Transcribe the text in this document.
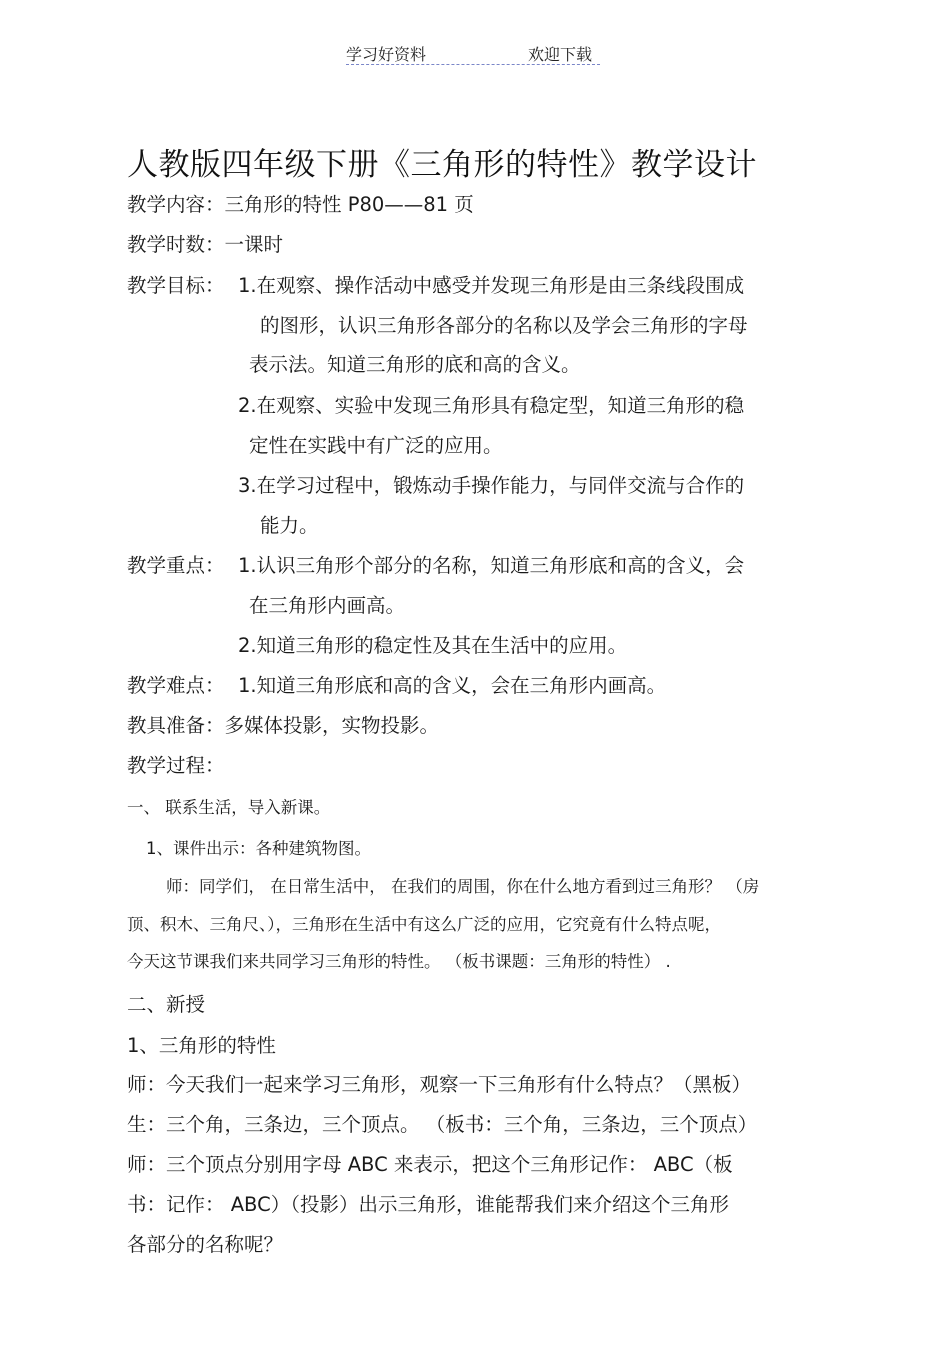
学习好资料	欢迎下载
人教版四年级下册《三角形的特性》教学设计
教学内容：三角形的特性 P80——81 页
教学时数：一课时
教学目标： 1.在观察、操作活动中感受并发现三角形是由三条线段围成
的图形，认识三角形各部分的名称以及学会三角形的字母
表示法。知道三角形的底和高的含义。
2.在观察、实验中发现三角形具有稳定型，知道三角形的稳
定性在实践中有广泛的应用。
3.在学习过程中，锻炼动手操作能力，与同伴交流与合作的
能力。
教学重点： 1.认识三角形个部分的名称，知道三角形底和高的含义，会
在三角形内画高。
2.知道三角形的稳定性及其在生活中的应用。
教学难点： 1.知道三角形底和高的含义，会在三角形内画高。
教具准备：多媒体投影，实物投影。
教学过程：
一、 联系生活，导入新课。
1、课件出示：各种建筑物图。
师：同学们， 在日常生活中， 在我们的周围，你在什么地方看到过三角形？ （房
顶、积木、三角尺、），三角形在生活中有这么广泛的应用，它究竟有什么特点呢，
今天这节课我们来共同学习三角形的特性。 （板书课题：三角形的特性） .
二、新授
1、三角形的特性
师：今天我们一起来学习三角形，观察一下三角形有什么特点？（黑板）
生：三个角，三条边，三个顶点。 （板书：三个角，三条边，三个顶点）
师：三个顶点分别用字母 ABC 来表示，把这个三角形记作： ABC（板
书：记作： ABC）（投影）出示三角形，谁能帮我们来介绍这个三角形
各部分的名称呢？
